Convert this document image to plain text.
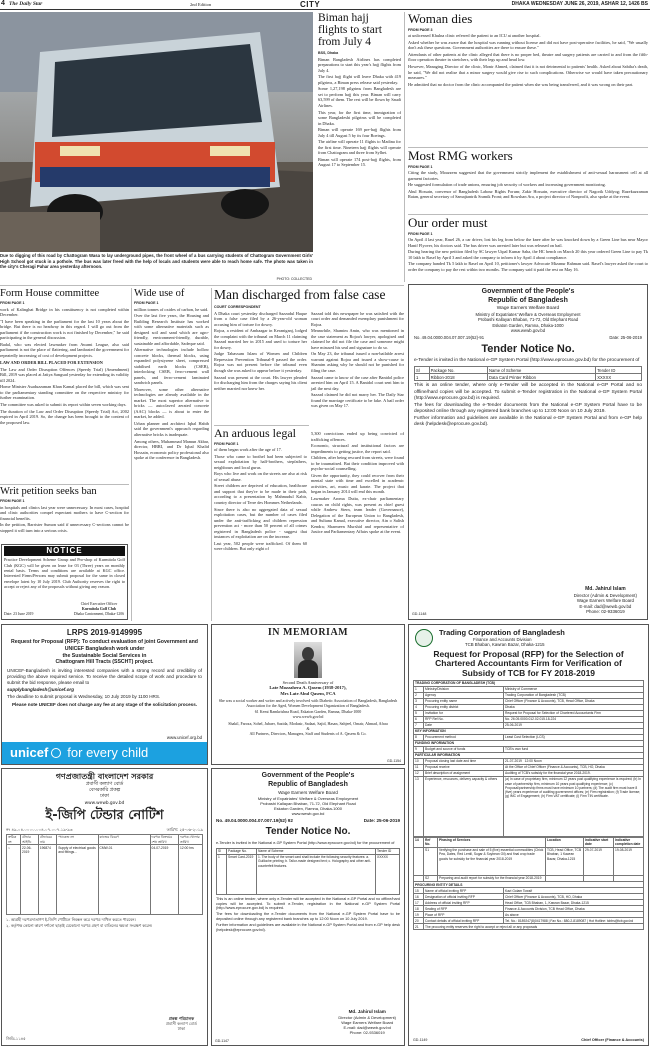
4 The Daily Star	2nd Edition	CITY	DHAKA WEDNESDAY JUNE 26, 2019, ASHAR 12, 1426 BS

Due to digging of this road by Chattogram Wasa to lay underground pipes, the front wheel of a bus carrying students of Chattogram Government Girls' High School got stuck in a pothole. The bus was later freed with the help of locals and students were able to reach home safe. The photo was taken in the city's Cheragi Pahar area yesterday afternoon.

PHOTO: COLLECTED
Biman hajj flights to start from July 4
BSS, Dhaka

Biman Bangladesh Airlines has completed preparations to start this year's hajj flights from July 4.

The first hajj flight will leave Dhaka with 419 pilgrims, a Biman press release said yesterday.

Some 1,27,198 pilgrims from Bangladesh are set to perform hajj this year. Biman will carry 63,599 of them. The rest will be flown by Saudi Airlines.

This year, for the first time, immigration of some Bangladeshi pilgrims will be completed in Dhaka.

Biman will operate 169 pre-hajj flights from July 4 till August 5 by its four Boeings.

The airline will operate 11 flights to Madina for the first time. Nineteen hajj flights will operate from Chattogram and three from Sylhet.

Biman will operate 174 post-hajj flights, from August 17 to September 15.

Woman dies
FROM PAGE 3

at unlicensed Khulna clinic referred the patient to an ICU at another hospital.

Asked whether he was aware that the hospital was running without license and did not have post-operative facilities, he said, "We usually don't ask these questions. Government authorities are there to ensure these."

Attendants of other patients at the clinic alleged that there is no proper bed, theatre and surgery patients are carried to and from the fifth-floor operation theatre in stretchers, with their legs up and head low.

However, Managing Director of the clinic, Monir Ahmed, claimed that it is not detrimental to patients' health. Asked about Sabiha's death, he said, "We did not realise that a minor surgery would give rise to such complications. Otherwise we would have taken precautionary measures."

He admitted that no doctor from the clinic accompanied the patient when she was being transferred, and it was wrong on their part.

Most RMG workers
FROM PAGE 1

Citing the study, Moazzem suggested that the government strictly implement the establishment of anti-sexual harassment cell at all garment factories.

He suggested formulation of trade unions, ensuring job security of workers and increasing government monitoring.

Abul Hossain, convenor of Bangladesh Labour Rights Forum; Zakir Hossain, executive director of Nagorik Uddyog; Razekuzzaman Ratan, general secretary of Samajtantrik Sramik Front; and Rowshan Ara, a project director of Nonprofit, also spoke at the event.

Our order must
FROM PAGE 1

On April 4 last year, Rasel 26, a car driver, lost his leg from below the knee after he was knocked down by a Green Line bus near Mayor Hanif Flyover, his doctors said. The bus driver was arrested later but was released on bail.

During hearing the new petition filed by SC lawyer Utpal Kumar Saha, the HC bench on March 20 this year ordered Green Line to pay Tk 10 lakh to Rasel by April 3 and asked the company to inform it by April 4 about compliance.

The company handed Tk 5 lakh to Rasel on April 10, petitioner's lawyer Advocate Mizanur Rahman said. Rasel's lawyer asked the court to order the company to pay the rest within two months. The company said it paid the rest on May 16.

Form House committee
FROM PAGE 1

work of Kalinghat Bridge in his constituency is not completed within December.

"I have been speaking in the parliament for the last 10 years about the bridge. But there is no headway in this regard. I will go out from the parliament if the construction work is not finished by December," he said participating in the general discussion.

Badal, who was elected lawmaker from Awami League, also said parliament is not the place of flattering, and lambasted the government for repeatedly increasing of cost of development projects.

LAW AND ORDER BILL PLACED FOR EXTENSION

The Law and Order Disruption Offences (Speedy Trial) (Amendment) Bill, 2019 was placed at Jatiya Sangsad yesterday for extending its validity till 2024.

Home Minister Asaduzzaman Khan Kamal placed the bill, which was sent to the parliamentary standing committee on the respective ministry for further examination.

The committee was asked to submit its report within seven working days.

The duration of the Law and Order Disruption (Speedy Trial) Act, 2002 expired in April 2019. So, the change has been brought to the content of the proposed law.

Writ petition seeks ban
FROM PAGE 1

in hospitals and clinics last year were unnecessary. In most cases, hospital and clinic authorities compel expectant mothers to have C-section for financial benefits.

In the petition, Barrister Sumon said if unnecessary C-sections cannot be stopped it will turn into a serious crisis.

NOTICE

Practice Development Scheme Group and Pro-shop of Kurmitola Golf Club (KGC) will be given on lease for 03 (Three) years on monthly rental basis. Terms and conditions are available at KGC office. Interested Firms/Persons may submit proposal for the same in closed envelope latest by 10 July 2019. Club Authority reserves the right to accept or reject any of the proposals without giving any reason.

Date: 23 June 2019
Chief Executive Officer
Kurmitola Golf Club
Dhaka Cantonment, Dhaka-1206
Wide use of
FROM PAGE 1

million tonnes of oxides of carbon, he said.

Over the last five years, the Housing and Building Research Institute has worked with some alternative materials such as designed soil and sand which are agro-friendly, environment-friendly, durable, sustainable and affordable, Sadeque said.

Alternative technologies include hollow concrete blocks, thermal blocks, using expanded polystyrene sheet, compressed stabilised earth blocks (CSEB), interlocking CSEB, ferro-cement wall panels, and ferro-cement laminated sandwich panels.

Moreover, some other alternative technologies are already available in the market. The most superior alternative to bricks — autoclaved aerated concrete (AAC) blocks — is about to enter the market, he added.

Urban planner and architect Iqbal Habib said the government's approach regarding alternative bricks is inadequate.

Among others, Muhammad Mamun Akbar, director, HBRI, and Dr Iqbal Khalid Hossain, economic policy professional also spoke at the conference in Bangladesh.

Man discharged from false case
COURT CORRESPONDENT

A Dhaka court yesterday discharged Sazzadul Haque from a false case filed by a 26-year-old woman accusing him of torture for dowry.

Rojoa, a resident of Ambaagar in Keraniganj, lodged the complaint with the tribunal on March 11 claiming Sazzad married her in 2015 and used to torture her for dowry.

Judge Tabassum Islam of Women and Children Repression Prevention Tribunal-8 passed the order. Rojoa was not present before the tribunal even though she was asked to appear before it yesterday.

Sazzad was present at the court. His lawyer pleaded for discharging him from the charges saying his client neither married nor knew her.

Sazzad told this newspaper he was satisfied with the court order and demanded exemplary punishment for Rojoa.

Meanwhile, Shamim Amin, who was mentioned in the case statement as Rojoa's lawyer, apologised and claimed he did not file the case and someone might have misused his seal and signature to do so.

On May 23, the tribunal issued a non-bailable arrest warrant against Rojoa and issued a show-cause to Shamim asking why he should not be punished for filing the case.

Sazzad came to know of the case after Banidol police arrested him on April 15. A Banidol court sent him to jail the next day.

Sazzad claimed he did not marry her. The Daily Star found the marriage certificate to be fake. A bail order was given on May 17.

An arduous legal
FROM PAGE 1

of them began work after the age of 17.

Those who came to brothel had been subjected to sexual exploitation by half-brothers, stepfathers, neighbours and local gurus.

Boys who live and work on the streets are also at risk of sexual abuse.

Street children are deprived of education, healthcare and support that they're to be made in their path, according to a presentation by Mahmudul Kabir, country director of Terre des Hommes Netherlands.

Since there is also no aggregated data of sexual exploitation cases, but the number of cases filed under the anti-trafficking and children repression prevention act - more than 50 percent of all crimes registered in Bangladesh police - suggest that instances of exploitation are on the increase.

Last year, 502 people were trafficked. Of them 60 were children. But only eight of

5,300 convictions ended up being convicted of trafficking offences.

Economic, structural and institutional factors are impediments to getting justice, the report said.

Children, after being rescued from streets, were found to be traumatised. But their condition improved with psycho-social counselling.

Given the opportunity, they could recover from their mental state with time and excelled in academic activities, art, music and karate. The project that began in January 2014 will end this month.

Lawmaker Aroma Dutta, ex-chair parliamentary caucus on child rights, was present as chief guest while Andrew Stern, team leader (Governance), Delegation of the European Union to Bangladesh, and Sultana Kamal, executive director, Ain o Salish Kendra; Sharmeen Murshid and representative of Justice and Parliamentary Affairs spoke at the event.

Government of the People's
Republic of Bangladesh
Wage Earners Welfare Board
Ministry of Expatriates' Welfare & Overseas Employment
Probashi Kallayan Bhaban, 71-72, Old Elephant Road
Eskaton Garden, Ramna, Dhaka-1000
www.wewb.gov.bd
No. 49.04.0000.004.07.007.19(52)-91	Date: 25-06-2019
Tender Notice No.

e-Tender is invited in the National e-GP System Portal (http://www.eprocure.gov.bd) for the procurement of

Sl	Package No.	Name of Scheme	Tender ID
1	Ribbon-2018	Data Card Printer Ribbon	XXXXX

This is an online tender, where only e-Tender will be accepted in the National e-GP Portal and no offline/hard copies will be accepted. To submit e-Tender registration in the National e-GP System Portal (http://www.eprocure.gov.bd) is required.

The fees for downloading the e-Tender documents from the National e-GP System Portal have to be deposited online through any registered bank branches up to 12:00 Noon on 10 July 2019.

Further information and guidelines are available in the National e-GP System Portal and from e-GP help desk (helpdesk@eprocure.gov.bd).

Md. Jahirul Islam
Director (Admin & Development)
Wage Earners Welfare Board
E-mail: dad@wewb.gov.bd
Phone: 02-9336019
GD-1148
LRPS 2019-9149995
Request for Proposal (RFP): To conduct evaluation of joint Government and UNICEF Bangladesh work under
the Sustainable Social Services in
Chattogram Hill Tracts (SSCHT) project.

UNICEF-Bangladesh is inviting interested companies with a strong record and credibility of providing the above required service. To receive the detailed scope of work and procedure to submit the bid response, please email to

supplybangladesh@unicef.org
The deadline to submit proposal is Wednesday, 10 July 2019 by 1100 HRS.
Please note UNICEF does not charge any fee at any stage of the solicitation process.
www.unicef.org.bd
unicef for every child
IN MEMORIAM
Second Death Anniversary of
Late Mozzahera A. Qasem (1938-2017),
Mrs Late Abul Qasem, FCA

She was a social worker and writer and actively involved with Diabetic Association of Bangladesh, Bangladesh Association for the Aged, Women Development Organization of Bangladesh.

61 Kemi Ramkrishna Road, Eskaton Garden, Ramna, Dhaka-1000
www.wewb.gov.bd
Shakil, Faroza, Sohel, Jubaer, Sazida, Modasir, Sadaat, Sajid, Hasan, Sahjeel, Omair, Ahmad, Afraa
&
All Partners, Directors, Managers, Staff and Students of A. Qasem & Co.
GD-1154
গণপ্রজাতন্ত্রী বাংলাদেশ সরকার
প্রবাসী কল্যাণ বোর্ড
বেসরকারি প্রকল্প
ঢাকা
www.wewb.gov.bd
ই-জিপি টেন্ডার নোটিশ
নং ৪৯.০৪.০০০০.০০৪.০৭.০০৭.১৯-৯৩	তারিখ: ২৫-০৬-২০১৯
ক্রমিক নং	টেন্ডার আইডি	টেন্ডারের নাম	প্যাকেজ নং	কাজের বিবরণ	দরপত্র বিক্রয়ের শেষ তারিখ	দরপত্র খোলার তারিখ
১	22-06-2019	196874	Supply of electrical goods and fittings...	CMW-01	04-07-2019	12:00 hrs

১. আগ্রহী দরপত্রদাতাগণ ই-জিপি পোর্টালে নিবন্ধন করে দরপত্র দাখিল করতে পারবেন।

২. কর্তৃপক্ষ কোনো কারণ দর্শানো ছাড়াই যেকোনো দরপত্র গ্রহণ বা বাতিলের ক্ষমতা সংরক্ষণ করেন।

প্রকল্প পরিচালক
প্রবাসী কল্যাণ বোর্ড
ঢাকা
জিডি-১১৪৫
Government of the People's
Republic of Bangladesh
Wage Earners Welfare Board
Ministry of Expatriates' Welfare & Overseas Employment
Probashi Kallayan Bhaban, 71-72, Old Elephant Road
Eskaton Garden, Ramna, Dhaka-1000
www.wewb.gov.bd
No. 49.04.0000.004.07.007.19(52) 92	Date: 25-06-2019
Tender Notice No.

e-Tender is invited in the National e-GP System Portal (http://www.eprocure.gov.bd) for the procurement of

Sl	Package No.	Name of Scheme	Tender ID
1	Smart Card-2019	1. The body of the smart card shall include the following security features: a. Guilloche printing; b. Tailor-made designed text; c. Holography and other anti-counterfeit features.	XXXXX

This is an online tender, where only e-Tender will be accepted in the National e-GP Portal and no offline/hard copies will be accepted. To submit e-Tender, registration in the National e-GP System Portal (http://www.eprocure.gov.bd) is required.

The fees for downloading the e-Tender documents from the National e-GP System Portal have to be deposited online through any registered bank branches up to 12:00 Noon on 10 July 2019.

Further information and guidelines are available in the National e-GP System Portal and from e-GP help desk (helpdesk@eprocure.gov.bd).

Md. Jahirul Islam
Director (Admin & Development)
Wage Earners Welfare Board
E-mail: dad@wewb.gov.bd
Phone: 02-9336019
GD-1147
Trading Corporation of Bangladesh
Finance and Accounts Division
TCB Bhaban, Kawran Bazar, Dhaka-1215
Request for Proposal (RFP) for the Selection of
Chartered Accountants Firm for Verification of
Subsidy of TCB for FY 2018-2019
TRADING CORPORATION OF BANGLADESH (TCB)		
1	Ministry/Division	Ministry of Commerce
2	Agency	Trading Corporation of Bangladesh (TCB)
3	Procuring entity name	Chief Officer (Finance & Accounts), TCB, Head Office, Dhaka
4	Procuring entity district	Dhaka
5	Invitation for	Request for Proposal for Selection of Chartered Accountants Firm
6	RFP Ref No.	No. 26.05.0000.012.02.015.18-224
7	Date	25-06-2019
KEY INFORMATION		
8	Procurement method	Least Cost Selection (LCS)
FUNDING INFORMATION		
9	Budget and source of funds	TCB's own fund
PARTICULAR INFORMATION		
10	Proposal closing last date and time	21-07-2019 12:00 Noon
11	Proposal receive	At the Office of Chief Officer (Finance & Accounts), TCB, HO, Dhaka
12	Brief description of assignment	Auditing of TCB's subsidy for the financial year 2018-2019.
13	Experience, resources, delivery capacity & others	(a) In case of proprietary firm, minimum 12 years post qualifying experience is required; (b) In case of partnership firm, minimum 10 years post qualifying experience; (c) Proposal/partnership firms must have minimum 10 partners; (d) The audit firm must have 8 (five) years experience of auditing government offices; (e) Firm registration; (f) Trade license; (g) IMC of Engagement; (h) Firm VAT certificate; (i) Firm TIN certificate.
14	Ref No.	Phasing of Services	Location	Indicative start date	Indicative completion date
	S1	Verifying the purchase and sale of 5 (five) essential commodities (Chick Pea, Dates, Red Lentil, Sugar & Soybean Oil) and final crop trade goods for subsidy for the financial year 2018-2019	TCB, Head Office, TCB Bhaban, 1 Kawran Bazar, Dhaka-1215	29-07-2019	19-08-2019
	S2	Preparing and audit report for subsidy for the financial year 2018-2019			
PROCURING ENTITY DETAILS		
15	Name of official inviting RFP	Kazi Golam Towsif
16	Designation of official inviting RFP	Chief Officer (Finance & Accounts), TCB, HO, Dhaka
17	Address of official inviting RFP	Head Office, TCB Bhaban, 1, Kawran Bazar, Dhaka-1215
18	Sealing of RFP	Finance & Accounts Division, TCB Head Office, Dhaka
19	Place of RFP	As above
20	Contact details of official inviting RFP	Tel. No.: 8189247(8)0417988 | Fax No.: 880-2-8189087 | Hot Hotline: tcbhs@tcb.gov.bd
21	The procuring entity reserves the right to accept or reject all or any proposals	
GD-1149	Chief Officer (Finance & Accounts)
